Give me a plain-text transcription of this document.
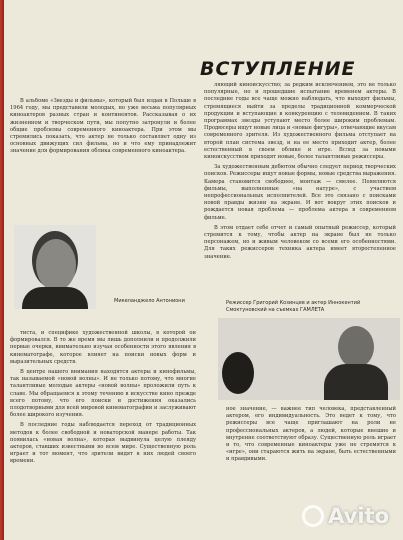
ВСТУПЛЕНИЕ

В альбоме «Звезды и фильмы», который был издан в Польше в 1964 году, мы представили молодых, но уже весьма популярных киноактеров разных стран и континентов. Рассказывая о их жизненном и творческом пути, мы попутно затронули и более общие проблемы современного киноактера. При этом мы стремились показать, что актер не только составляет одну из основных движущих сил фильма, но и что ему принадлежит значение для формирования облика современного киноактера.

ляющий киноискусство; за редким исключением, это не только популярные, но и прошедшие испытание временем актеры. В последние годы все чаще можно наблюдать, что выходят фильмы, стремящиеся выйти за пределы традиционной коммерческой продукции и вступающие в конкуренцию с телевидением. В таких программах звезды уступают место более широким проблемам. Продюсеры ищут новые лица и «новые фигуры», отвечающие вкусам современного зрителя. Из художественного фильма отступает на второй план система звезд, и на ее место приходит актер, более естественный в своем облике и игре. Вслед за новыми киноискусством приходят новые, более талантливые режиссеры.

За художественным дебютом обычно следует период творческих поисков. Режиссеры ищут новые формы, новые средства выражения. Камера становится свободнее, монтаж — смелее. Появляются фильмы, выполненные «на натуре», с участием непрофессиональных исполнителей. Все это связано с поисками новой правды жизни на экране. И вот вокруг этих поисков и рождается новая проблема — проблема актера в современном фильме.

В этом отдает себе отчет и самый опытный режиссер, который стремится к тому, чтобы актер на экране был не только персонажем, но и живым человеком со всеми его особенностями. Для таких режиссеров техника актера имеет второстепенное значение.

Микеланджело Антониони

тиста, и специфике художественной школы, в которой он формировался. В то же время мы лишь дополнили и продолжили первые очерки, внимательно изучая особенности этого явления в кинематографе, которое влияет на поиски новых форм и выразительных средств.

В центре нашего внимания находятся актеры и кинофильмы, так называемой «новой волны». И не только потому, что многие талантливые молодые актеры «новой волны» проложили путь к славе. Мы обращаемся к этому течению в искусстве кино прежде всего потому, что его поиски и достижения оказались плодотворными для всей мировой кинематографии и заслуживают более широкого изучения.

В последние годы наблюдается переход от традиционных методов к более свободной и новаторской манере работы. Так появилась «новая волна», которая выдвинула целую плеяду актеров, ставших известными во всем мире. Существенную роль играет и тот момент, что зрители видят в них людей своего времени.

Режиссер Григорий Козинцев и актер Иннокентий Смоктуновский на съемках ГАМЛЕТА

ное значение, — важнее тип человека, представленный актером, его индивидуальность. Это ведет к тому, что режиссеры все чаще приглашают на роли не профессиональных актеров, а людей, которые внешне и внутренне соответствуют образу. Существенную роль играет и то, что современные киноактеры уже не стремятся к «игре», они стараются жить на экране, быть естественными и правдивыми.

Avito
